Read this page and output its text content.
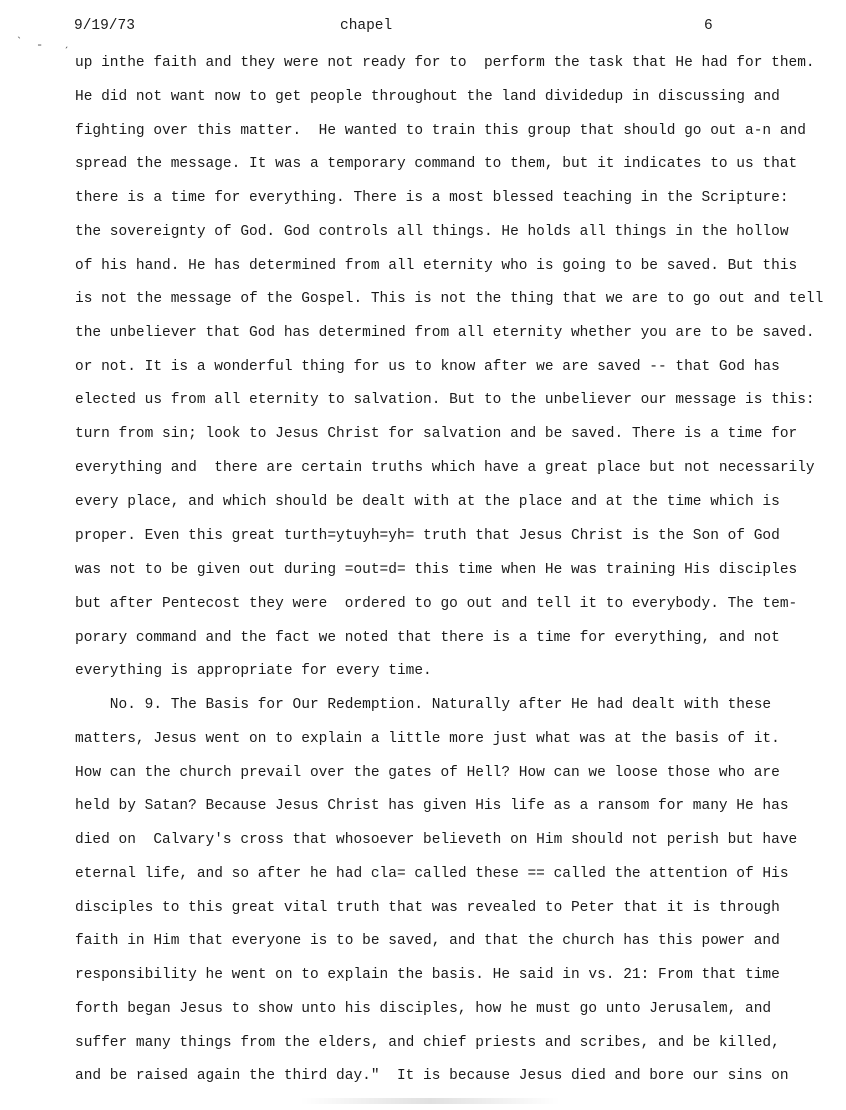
˴
- ˏ
9/19/73	chapel	6
up inthe faith and they were not ready for to  perform the task that He had for them.
He did not want now to get people throughout the land dividedup in discussing and
fighting over this matter.  He wanted to train this group that should go out a-n and
spread the message. It was a temporary command to them, but it indicates to us that
there is a time for everything. There is a most blessed teaching in the Scripture:
the sovereignty of God. God controls all things. He holds all things in the hollow
of his hand. He has determined from all eternity who is going to be saved. But this
is not the message of the Gospel. This is not the thing that we are to go out and tell
the unbeliever that God has determined from all eternity whether you are to be saved.
or not. It is a wonderful thing for us to know after we are saved -- that God has
elected us from all eternity to salvation. But to the unbeliever our message is this:
turn from sin; look to Jesus Christ for salvation and be saved. There is a time for
everything and  there are certain truths which have a great place but not necessarily
every place, and which should be dealt with at the place and at the time which is
proper. Even this great turth=ytuyh=yh= truth that Jesus Christ is the Son of God
was not to be given out during =out=d= this time when He was training His disciples
but after Pentecost they were  ordered to go out and tell it to everybody. The tem-
porary command and the fact we noted that there is a time for everything, and not
everything is appropriate for every time.
No. 9. The Basis for Our Redemption. Naturally after He had dealt with these
matters, Jesus went on to explain a little more just what was at the basis of it.
How can the church prevail over the gates of Hell? How can we loose those who are
held by Satan? Because Jesus Christ has given His life as a ransom for many He has
died on  Calvary's cross that whosoever believeth on Him should not perish but have
eternal life, and so after he had cla= called these == called the attention of His
disciples to this great vital truth that was revealed to Peter that it is through
faith in Him that everyone is to be saved, and that the church has this power and
responsibility he went on to explain the basis. He said in vs. 21: From that time
forth began Jesus to show unto his disciples, how he must go unto Jerusalem, and
suffer many things from the elders, and chief priests and scribes, and be killed,
and be raised again the third day."  It is because Jesus died and bore our sins on
